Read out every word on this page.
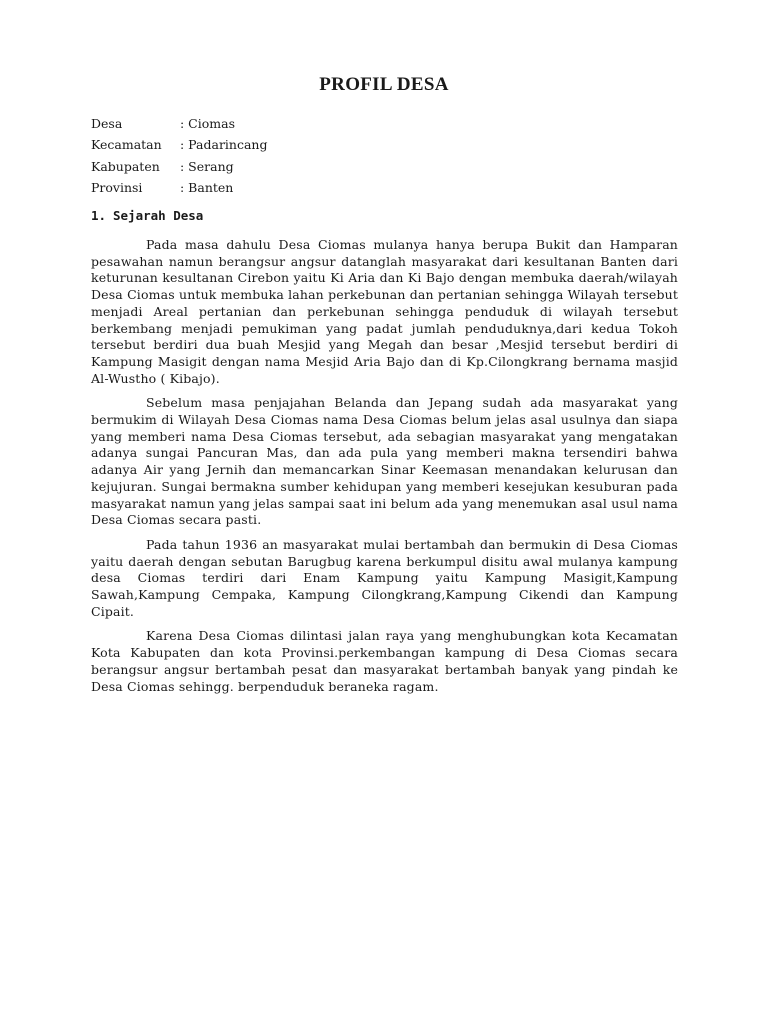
PROFIL DESA
Desa	: Ciomas
Kecamatan	: Padarincang
Kabupaten	: Serang
Provinsi	: Banten
1. Sejarah Desa

Pada masa dahulu Desa Ciomas mulanya hanya berupa Bukit dan Hamparan pesawahan namun berangsur angsur datanglah masyarakat dari kesultanan Banten dari keturunan kesultanan Cirebon yaitu Ki Aria dan Ki Bajo dengan membuka daerah/wilayah Desa Ciomas untuk membuka lahan perkebunan dan pertanian sehingga Wilayah tersebut menjadi Areal pertanian dan perkebunan sehingga penduduk di wilayah tersebut berkembang menjadi pemukiman yang padat jumlah penduduknya,dari kedua Tokoh tersebut berdiri dua buah Mesjid yang Megah dan besar ,Mesjid tersebut berdiri di Kampung Masigit dengan nama Mesjid Aria Bajo dan di Kp.Cilongkrang bernama masjid Al-Wustho ( Kibajo).

Sebelum masa penjajahan Belanda dan Jepang sudah ada masyarakat yang bermukim di Wilayah Desa Ciomas nama Desa Ciomas belum jelas asal usulnya dan siapa yang memberi nama Desa Ciomas tersebut, ada sebagian masyarakat yang mengatakan adanya sungai Pancuran Mas, dan ada pula yang memberi makna tersendiri bahwa adanya Air yang Jernih dan memancarkan Sinar Keemasan menandakan kelurusan dan kejujuran. Sungai bermakna sumber kehidupan yang memberi kesejukan kesuburan pada masyarakat namun yang jelas sampai saat ini belum ada yang menemukan asal usul nama Desa Ciomas secara pasti.

Pada tahun 1936 an masyarakat mulai bertambah dan bermukin di Desa Ciomas yaitu daerah dengan sebutan Barugbug karena berkumpul disitu awal mulanya kampung desa Ciomas terdiri dari Enam Kampung yaitu Kampung Masigit,Kampung Sawah,Kampung Cempaka, Kampung Cilongkrang,Kampung Cikendi dan Kampung Cipait.

Karena Desa Ciomas dilintasi jalan raya yang menghubungkan kota Kecamatan Kota Kabupaten dan kota Provinsi.perkembangan kampung di Desa Ciomas secara berangsur angsur bertambah pesat dan masyarakat bertambah banyak yang pindah ke Desa Ciomas sehingg. berpenduduk beraneka ragam.
